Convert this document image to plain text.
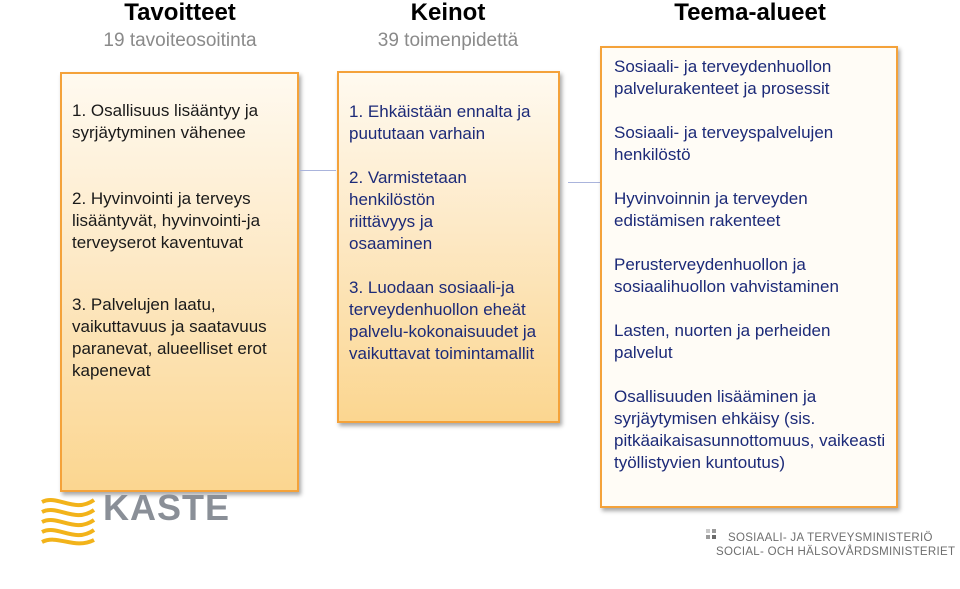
Tavoitteet
19 tavoiteosoitinta
1. Osallisuus lisääntyy ja syrjäytyminen vähenee
2. Hyvinvointi ja terveys lisääntyvät, hyvinvointi-ja terveyserot kaventuvat
3. Palvelujen laatu, vaikuttavuus ja saatavuus paranevat, alueelliset erot kapenevat
Keinot
39 toimenpidettä
1. Ehkäistään ennalta ja puututaan varhain
2. Varmistetaan henkilöstön riittävyys ja osaaminen
3. Luodaan sosiaali-ja terveydenhuollon eheät palvelu-kokonaisuudet ja vaikuttavat toimintamallit
Teema-alueet
Sosiaali- ja terveydenhuollon palvelurakenteet ja prosessit
Sosiaali- ja terveyspalvelujen henkilöstö
Hyvinvoinnin ja terveyden edistämisen rakenteet
Perusterveydenhuollon ja sosiaalihuollon vahvistaminen
Lasten, nuorten ja perheiden palvelut
Osallisuuden lisääminen ja syrjäytymisen ehkäisy (sis. pitkäaikaisasunnottomuus, vaikeasti työllistyvien kuntoutus)
KASTE
SOSIAALI- JA TERVEYSMINISTERIÖ
SOCIAL- OCH HÄLSOVÅRDSMINISTERIET
